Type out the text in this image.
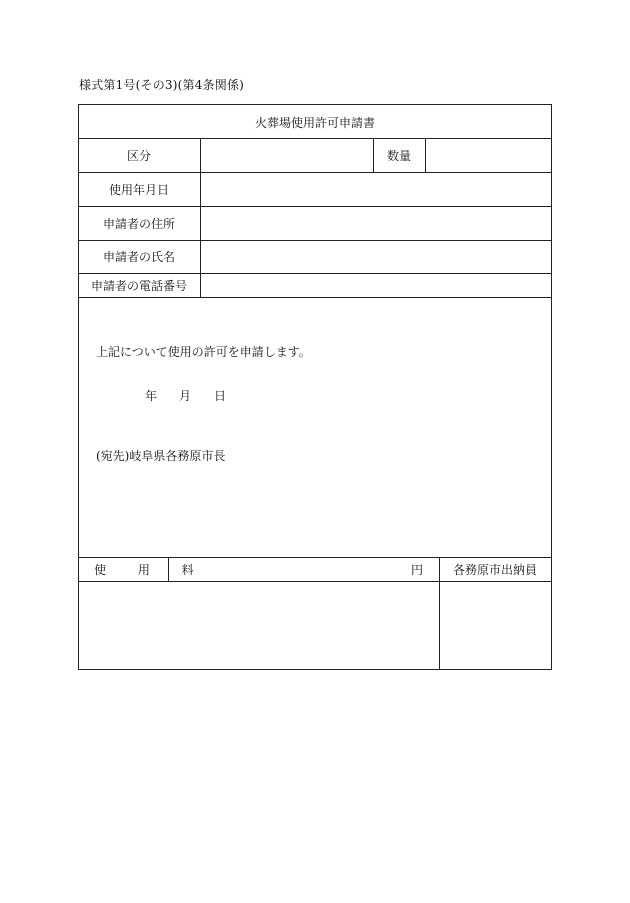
様式第1号(その3)(第4条関係)
火葬場使用許可申請書
区分	数量
使用年月日
申請者の住所
申請者の氏名
申請者の電話番号
上記について使用の許可を申請します。
年 月 日
(宛先)岐阜県各務原市長
使 用 料	円 各務原市出納員
